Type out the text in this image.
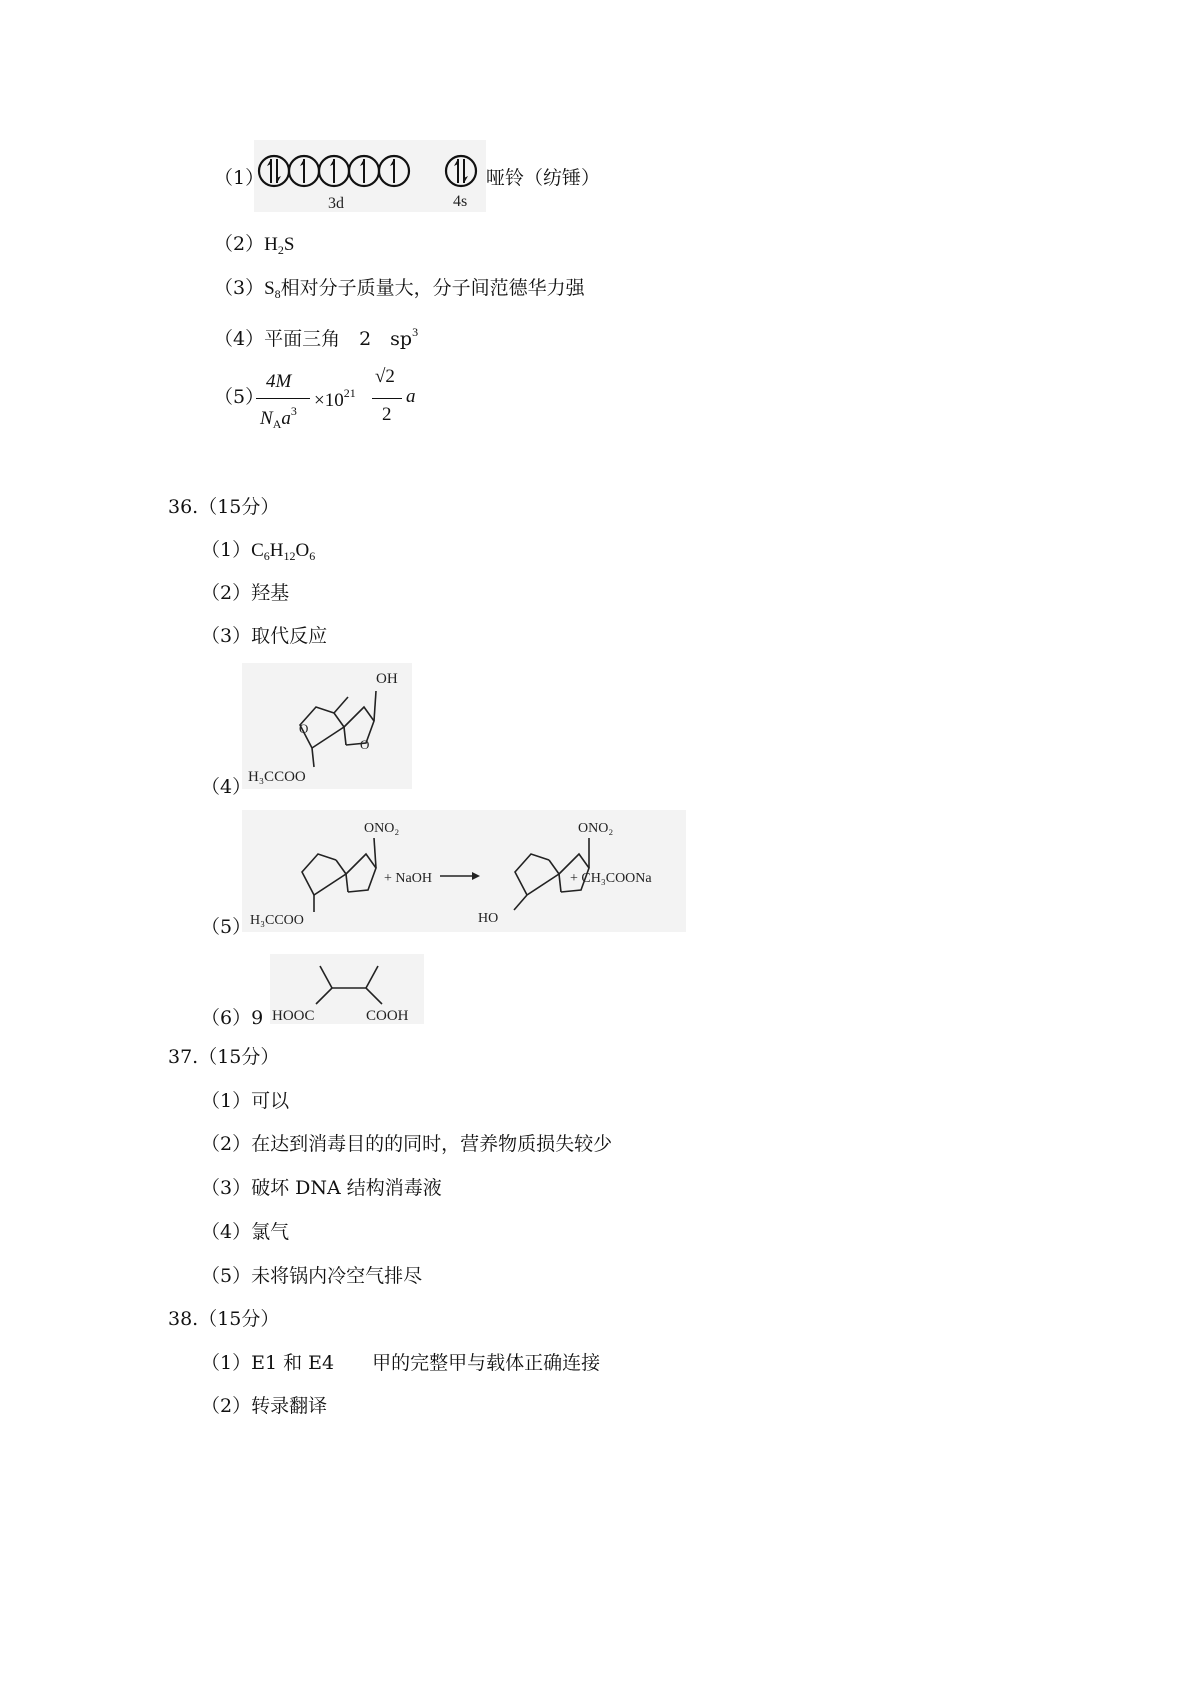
（1）
3d	4s
哑铃（纺锤）
$(2)H_2S$
$(3)S_8$相对分子质量大，分子间范德华力强
（4）平面三角　2　$sp^3$
（5）
4M
$N_Aa^3 \times 10^{21}$
√2
2
a
36.（15分）
$(1)C_6H_{12}O_6$
（2）羟基
（3）取代反应
（4）
OH
H₃CCOO
O
O
（5）
ONO₂
H₃CCOO
+ NaOH
ONO₂
HO
+ CH₃COONa
（6）9 HOOC	COOH
37.（15分）
（1）可以
（2）在达到消毒目的的同时，营养物质损失较少
（3）破坏 DNA 结构消毒液
（4）氯气
（5）未将锅内冷空气排尽
38.（15分）
（1）E1 和 E4　　甲的完整甲与载体正确连接
（2）转录翻译
